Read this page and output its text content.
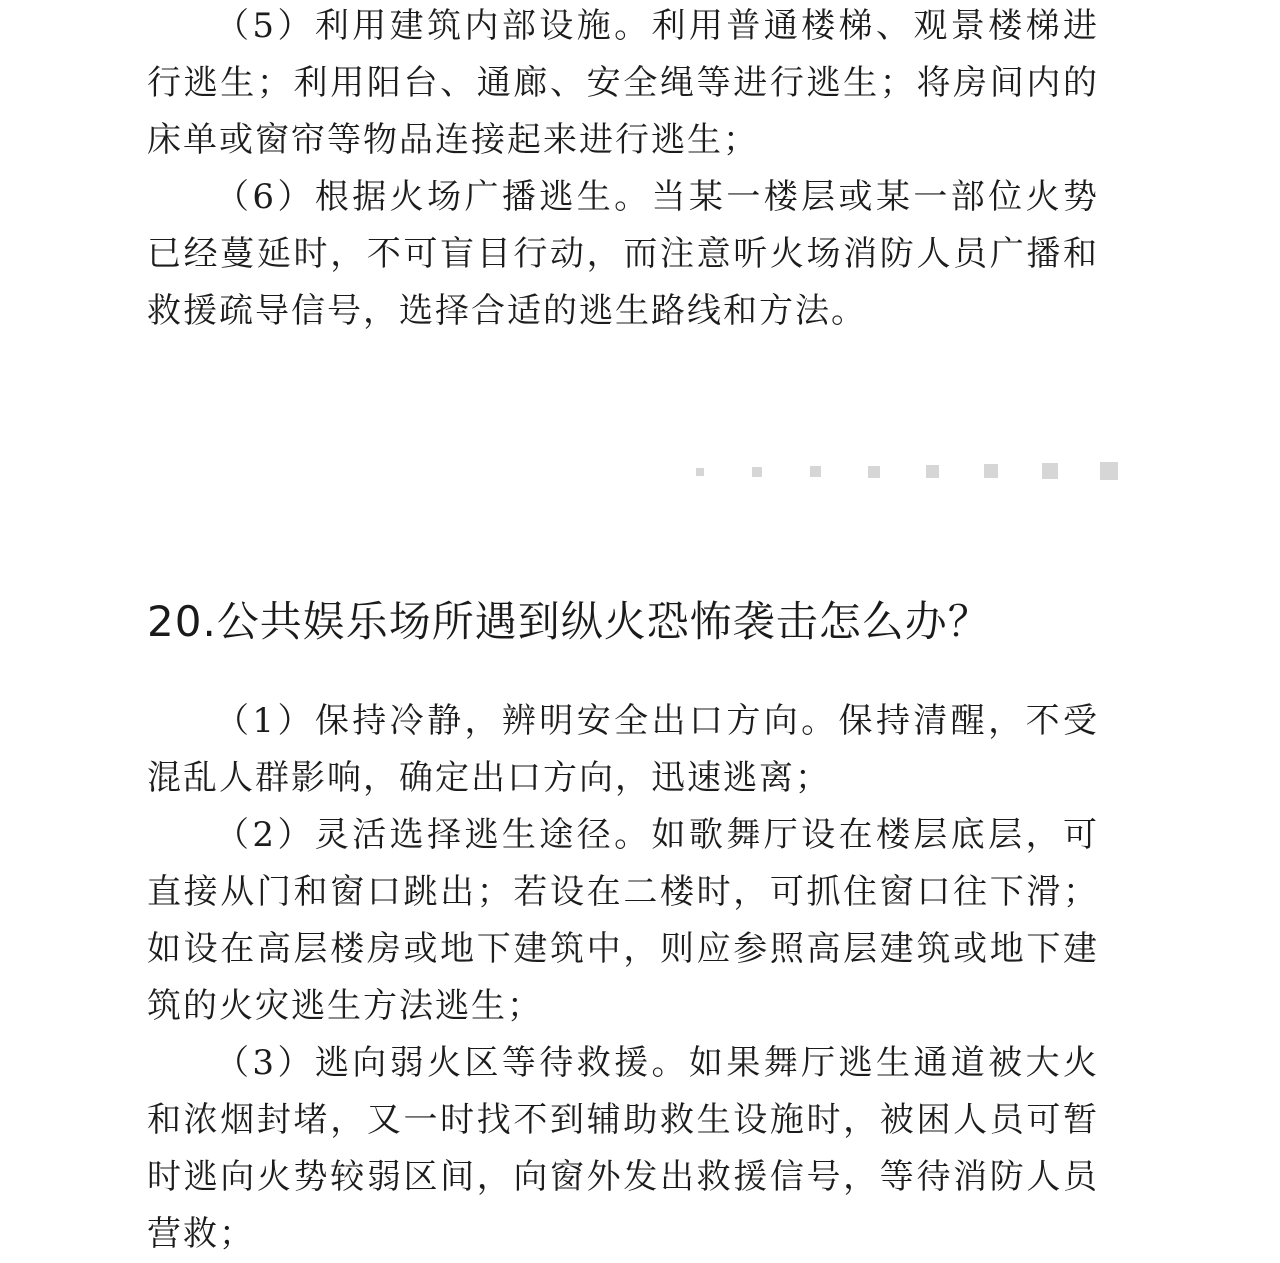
（5）利用建筑内部设施。利用普通楼梯、观景楼梯进行逃生；利用阳台、通廊、安全绳等进行逃生；将房间内的床单或窗帘等物品连接起来进行逃生；

（6）根据火场广播逃生。当某一楼层或某一部位火势已经蔓延时，不可盲目行动，而注意听火场消防人员广播和救援疏导信号，选择合适的逃生路线和方法。

20.公共娱乐场所遇到纵火恐怖袭击怎么办？

（1）保持冷静，辨明安全出口方向。保持清醒，不受混乱人群影响，确定出口方向，迅速逃离；

（2）灵活选择逃生途径。如歌舞厅设在楼层底层，可直接从门和窗口跳出；若设在二楼时，可抓住窗口往下滑；如设在高层楼房或地下建筑中，则应参照高层建筑或地下建筑的火灾逃生方法逃生；

（3）逃向弱火区等待救援。如果舞厅逃生通道被大火和浓烟封堵，又一时找不到辅助救生设施时，被困人员可暂时逃向火势较弱区间，向窗外发出救援信号，等待消防人员营救；
